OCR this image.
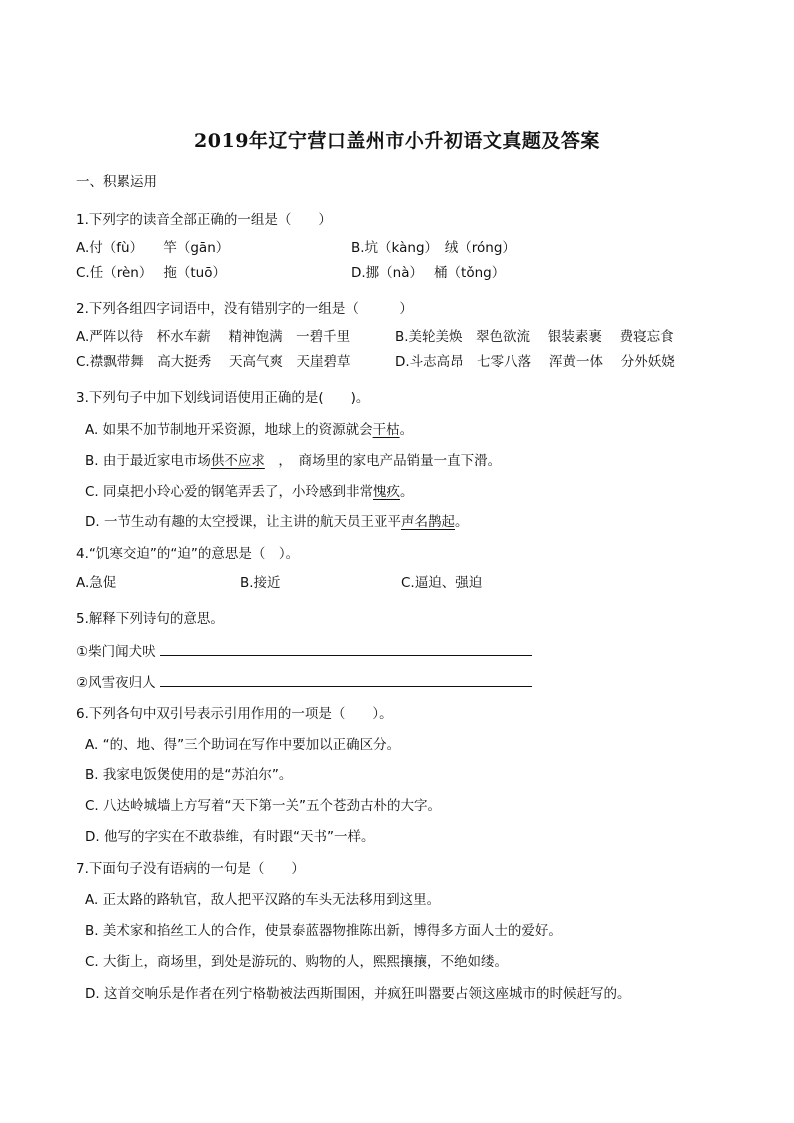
2019年辽宁营口盖州市小升初语文真题及答案
一、积累运用
1.下列字的读音全部正确的一组是（　　）
A.付（fù）　　竿（gān）	B.坑（kàng）　绒（róng）
C.任（rèn）　 拖（tuō）	D.挪（nà）　 桶（tǒng）
2.下列各组四字词语中，没有错别字的一组是（　　　）
A.严阵以待　杯水车薪　 精神饱满　一碧千里	B.美轮美焕　翠色欲流　 银装素裹　 费寝忘食
C.襟飘带舞　高大挺秀　 天高气爽　天崖碧草	D.斗志高昂　七零八落　 浑黄一体　 分外妖娆
3.下列句子中加下划线词语使用正确的是(　　)。
A. 如果不加节制地开采资源，地球上的资源就会干枯。
B. 由于最近家电市场供不应求　，　商场里的家电产品销量一直下滑。
C. 同桌把小玲心爱的钢笔弄丢了，小玲感到非常愧疚。
D. 一节生动有趣的太空授课，让主讲的航天员王亚平声名鹊起。
4.“饥寒交迫”的“迫”的意思是（　）。
A.急促	B.接近	C.逼迫、强迫
5.解释下列诗句的意思。
①柴门闻犬吠
②风雪夜归人
6.下列各句中双引号表示引用作用的一项是（　　）。
A. “的、地、得”三个助词在写作中要加以正确区分。
B. 我家电饭煲使用的是“苏泊尔”。
C. 八达岭城墙上方写着“天下第一关”五个苍劲古朴的大字。
D. 他写的字实在不敢恭维，有时跟“天书”一样。
7.下面句子没有语病的一句是（　　）
A. 正太路的路轨官，敌人把平汉路的车头无法移用到这里。
B. 美术家和掐丝工人的合作，使景泰蓝器物推陈出新，博得多方面人士的爱好。
C. 大街上，商场里，到处是游玩的、购物的人，熙熙攘攘，不绝如缕。
D. 这首交响乐是作者在列宁格勒被法西斯围困，并疯狂叫嚣要占领这座城市的时候赶写的。
